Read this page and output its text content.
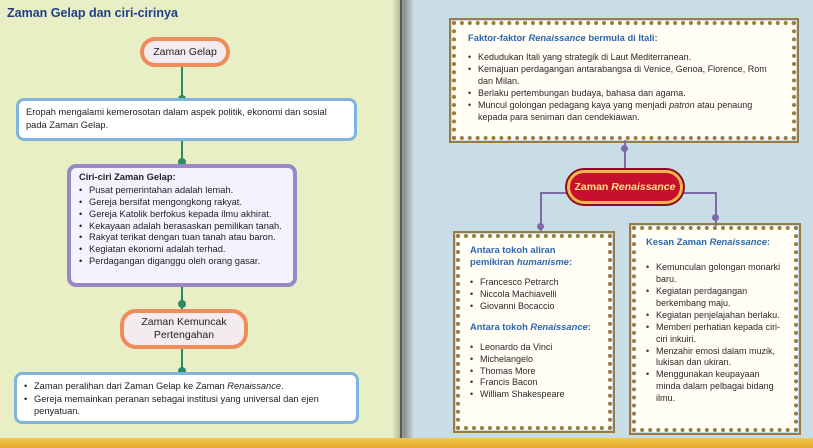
Zaman Gelap dan ciri-cirinya
Zaman Gelap
Eropah mengalami kemerosotan dalam aspek politik, ekonomi dan sosial pada Zaman Gelap.
Ciri-ciri Zaman Gelap:
• Pusat pemerintahan adalah lemah.
• Gereja bersifat mengongkong rakyat.
• Gereja Katolik berfokus kepada ilmu akhirat.
• Kekayaan adalah berasaskan pemilikan tanah.
• Rakyat terikat dengan tuan tanah atau baron.
• Kegiatan ekonomi adalah terhad.
• Perdagangan diganggu oleh orang gasar.
Zaman Kemuncak
Pertengahan
• Zaman peralihan dari Zaman Gelap ke Zaman Renaissance.
• Gereja memainkan peranan sebagai institusi yang universal dan ejen penyatuan.
Faktor-faktor Renaissance bermula di Itali:
• Kedudukan Itali yang strategik di Laut Mediterranean.
• Kemajuan perdagangan antarabangsa di Venice, Genoa, Florence, Rom dan Milan.
• Berlaku pertembungan budaya, bahasa dan agama.
• Muncul golongan pedagang kaya yang menjadi patron atau penaung kepada para seniman dan cendekiawan.
Zaman Renaissance
Antara tokoh aliran
pemikiran humanisme:
• Francesco Petrarch
• Niccola Machiavelli
• Giovanni Bocaccio
Antara tokoh Renaissance:
• Leonardo da Vinci
• Michelangelo
• Thomas More
• Francis Bacon
• William Shakespeare
Kesan Zaman Renaissance:
• Kemunculan golongan monarki baru.
• Kegiatan perdagangan berkembang maju.
• Kegiatan penjelajahan berlaku.
• Memberi perhatian kepada ciri-ciri inkuiri.
• Menzahir emosi dalam muzik, lukisan dan ukiran.
• Menggunakan keupayaan minda dalam pelbagai bidang ilmu.
